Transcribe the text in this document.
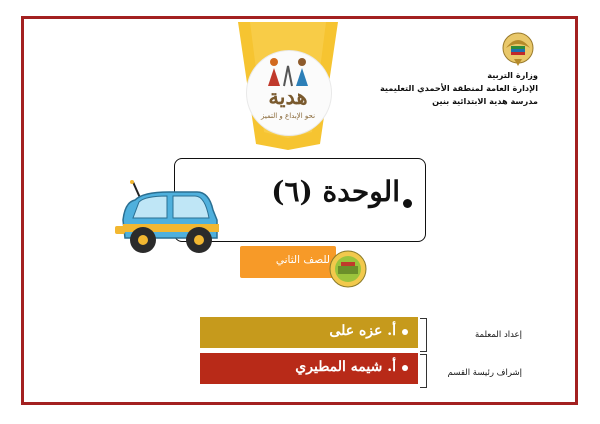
هدية
نحو الإبداع و التميز
وزارة التربية
الإدارة العامة لمنطقة الأحمدي التعليمية
مدرسة هدية الابتدائية بنين
الوحدة (٦)
للصف الثاني
إعداد المعلمة
أ. عزه على
إشراف رئيسة القسم
أ. شيمه المطيري
